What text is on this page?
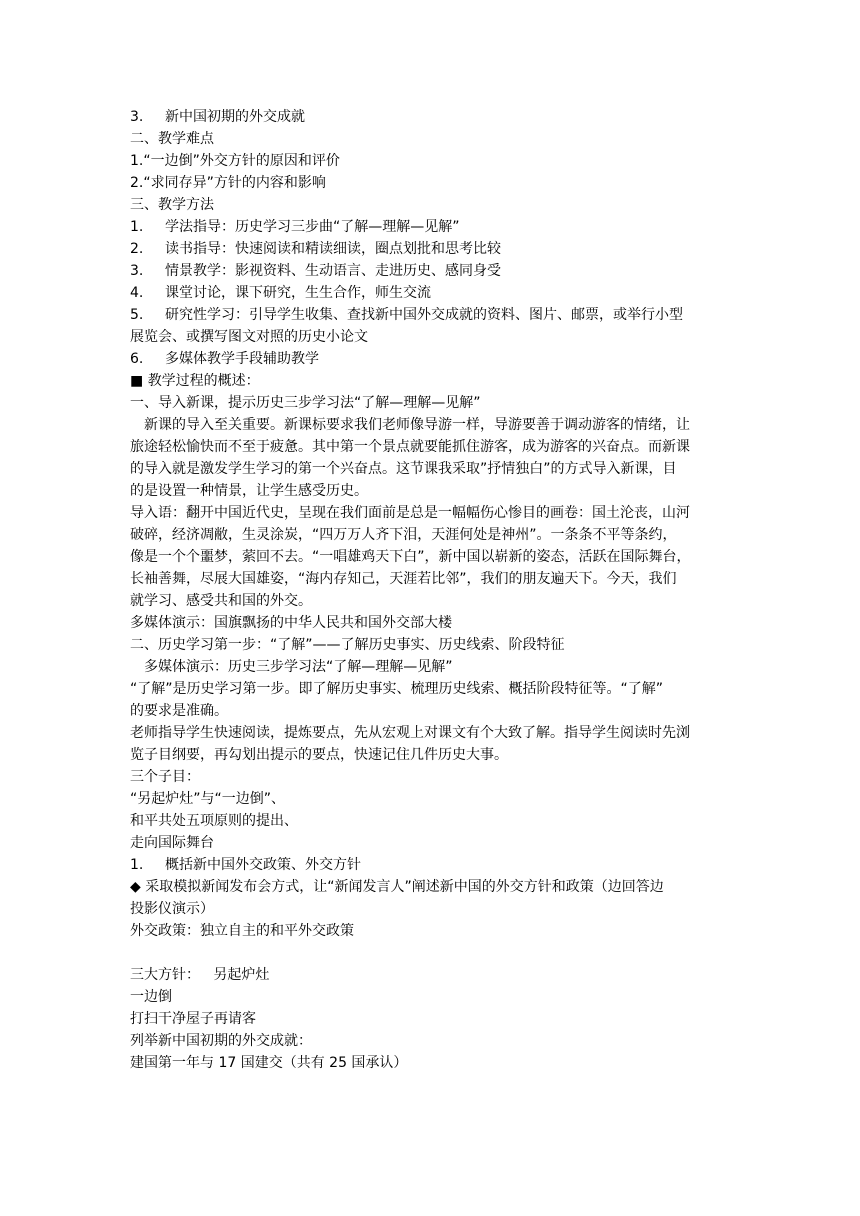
3. 新中国初期的外交成就
二、教学难点
1.“一边倒”外交方针的原因和评价
2.“求同存异”方针的内容和影响
三、教学方法
1. 学法指导：历史学习三步曲“了解—理解—见解”
2. 读书指导：快速阅读和精读细读，圈点划批和思考比较
3. 情景教学：影视资料、生动语言、走进历史、感同身受
4. 课堂讨论，课下研究，生生合作，师生交流
5. 研究性学习：引导学生收集、查找新中国外交成就的资料、图片、邮票，或举行小型
展览会、或撰写图文对照的历史小论文
6. 多媒体教学手段辅助教学
■ 教学过程的概述：
一、导入新课，提示历史三步学习法“了解—理解—见解”
新课的导入至关重要。新课标要求我们老师像导游一样，导游要善于调动游客的情绪，让
旅途轻松愉快而不至于疲惫。其中第一个景点就要能抓住游客，成为游客的兴奋点。而新课
的导入就是激发学生学习的第一个兴奋点。这节课我采取”抒情独白”的方式导入新课，目
的是设置一种情景，让学生感受历史。
导入语：翻开中国近代史，呈现在我们面前是总是一幅幅伤心惨目的画卷：国土沦丧，山河
破碎，经济凋敝，生灵涂炭，“四万万人齐下泪，天涯何处是神州”。一条条不平等条约，
像是一个个噩梦，萦回不去。“一唱雄鸡天下白”，新中国以崭新的姿态，活跃在国际舞台，
长袖善舞，尽展大国雄姿，“海内存知己，天涯若比邻”，我们的朋友遍天下。今天，我们
就学习、感受共和国的外交。
多媒体演示：国旗飘扬的中华人民共和国外交部大楼
二、历史学习第一步：“了解”——了解历史事实、历史线索、阶段特征
多媒体演示：历史三步学习法“了解—理解—见解”
“了解”是历史学习第一步。即了解历史事实、梳理历史线索、概括阶段特征等。“了解”
的要求是准确。
老师指导学生快速阅读，提炼要点，先从宏观上对课文有个大致了解。指导学生阅读时先浏
览子目纲要，再勾划出提示的要点，快速记住几件历史大事。
三个子目：
“另起炉灶”与“一边倒”、
和平共处五项原则的提出、
走向国际舞台
1. 概括新中国外交政策、外交方针
◆ 采取模拟新闻发布会方式，让“新闻发言人”阐述新中国的外交方针和政策（边回答边
投影仪演示）
外交政策：独立自主的和平外交政策
三大方针： 另起炉灶
一边倒
打扫干净屋子再请客
列举新中国初期的外交成就：
建国第一年与 17 国建交（共有 25 国承认）
